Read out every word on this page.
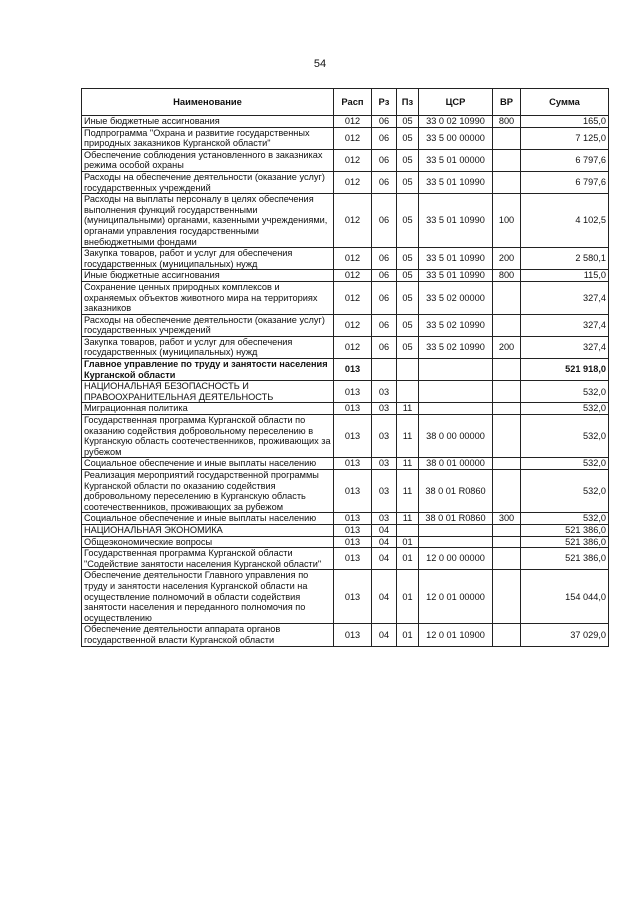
54
Наименование	Расп	Рз	Пз	ЦСР	ВР	Сумма
Иные бюджетные ассигнования	012	06	05	33 0 02 10990	800	165,0
Подпрограмма "Охрана и развитие государственных природных заказников Курганской области"	012	06	05	33 5 00 00000		7 125,0
Обеспечение соблюдения установленного в заказниках режима особой охраны	012	06	05	33 5 01 00000		6 797,6
Расходы на обеспечение деятельности (оказание услуг) государственных учреждений	012	06	05	33 5 01 10990		6 797,6
Расходы на выплаты персоналу в целях обеспечения выполнения функций государственными (муниципальными) органами, казенными учреждениями, органами управления государственными внебюджетными фондами	012	06	05	33 5 01 10990	100	4 102,5
Закупка товаров, работ и услуг для обеспечения государственных (муниципальных) нужд	012	06	05	33 5 01 10990	200	2 580,1
Иные бюджетные ассигнования	012	06	05	33 5 01 10990	800	115,0
Сохранение ценных природных комплексов и охраняемых объектов животного мира на территориях заказников	012	06	05	33 5 02 00000		327,4
Расходы на обеспечение деятельности (оказание услуг) государственных учреждений	012	06	05	33 5 02 10990		327,4
Закупка товаров, работ и услуг для обеспечения государственных (муниципальных) нужд	012	06	05	33 5 02 10990	200	327,4
Главное управление по труду и занятости населения Курганской области	013					521 918,0
НАЦИОНАЛЬНАЯ БЕЗОПАСНОСТЬ И ПРАВООХРАНИТЕЛЬНАЯ ДЕЯТЕЛЬНОСТЬ	013	03				532,0
Миграционная политика	013	03	11			532,0
Государственная программа Курганской области по оказанию содействия добровольному переселению в Курганскую область соотечественников, проживающих за рубежом	013	03	11	38 0 00 00000		532,0
Социальное обеспечение и иные выплаты населению	013	03	11	38 0 01 00000		532,0
Реализация мероприятий государственной программы Курганской области по оказанию содействия добровольному переселению в Курганскую область соотечественников, проживающих за рубежом	013	03	11	38 0 01 R0860		532,0
Социальное обеспечение и иные выплаты населению	013	03	11	38 0 01 R0860	300	532,0
НАЦИОНАЛЬНАЯ ЭКОНОМИКА	013	04				521 386,0
Общеэкономические вопросы	013	04	01			521 386,0
Государственная программа Курганской области "Содействие занятости населения Курганской области"	013	04	01	12 0 00 00000		521 386,0
Обеспечение деятельности Главного управления по труду и занятости населения Курганской области на осуществление полномочий в области содействия занятости населения и переданного полномочия по осуществлению	013	04	01	12 0 01 00000		154 044,0
Обеспечение деятельности аппарата органов государственной власти Курганской области	013	04	01	12 0 01 10900		37 029,0
